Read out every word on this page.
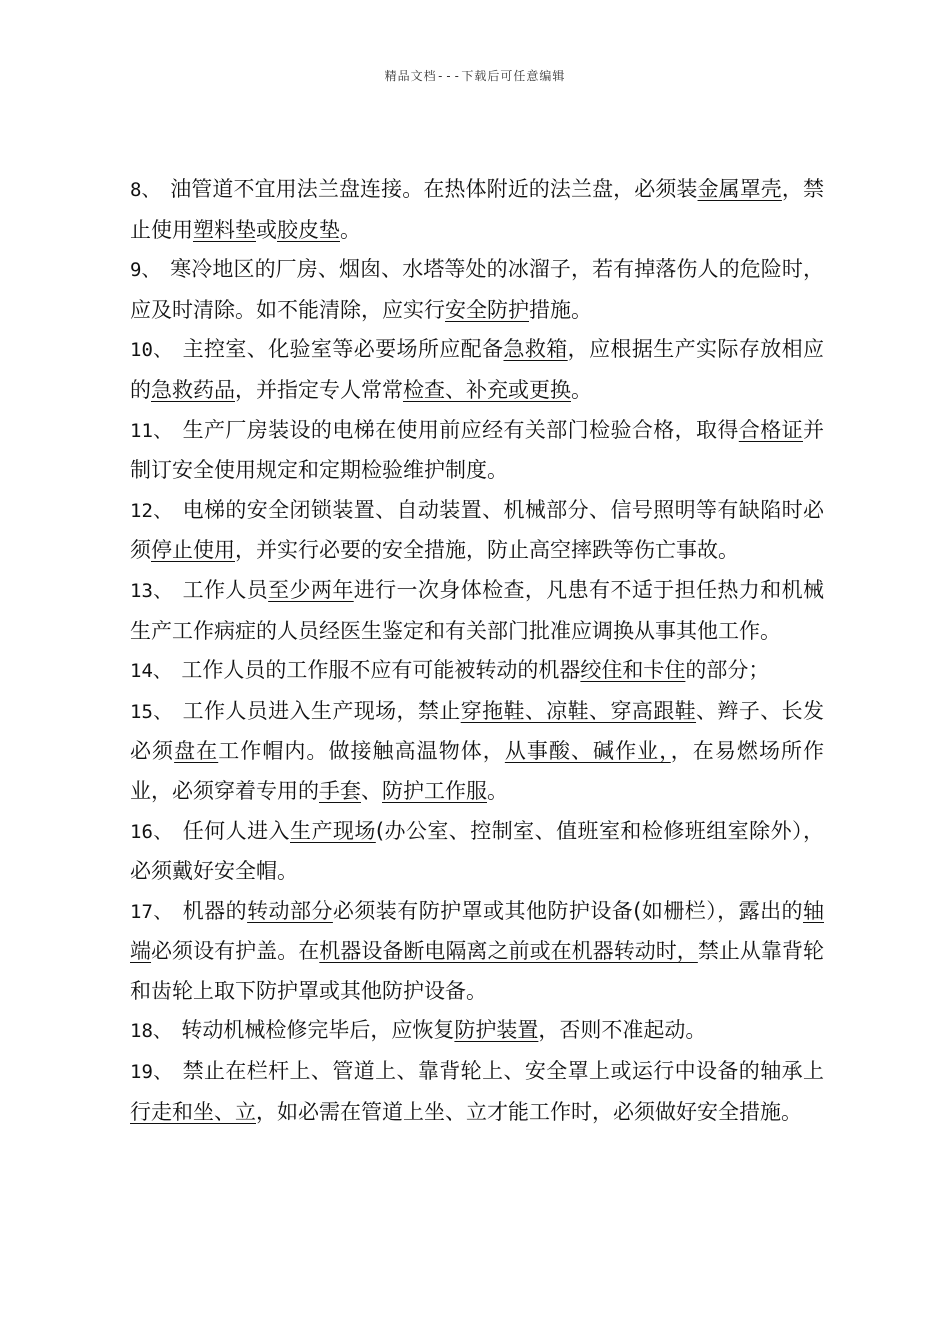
精品文档---下载后可任意编辑
8、　油管道不宜用法兰盘连接。在热体附近的法兰盘，必须装金属罩壳，禁止使用塑料垫或胶皮垫。
9、　寒冷地区的厂房、烟囱、水塔等处的冰溜子，若有掉落伤人的危险时，应及时清除。如不能清除，应实行安全防护措施。
10、　主控室、化验室等必要场所应配备急救箱，应根据生产实际存放相应的急救药品，并指定专人常常检查、补充或更换。
11、　生产厂房装设的电梯在使用前应经有关部门检验合格，取得合格证并制订安全使用规定和定期检验维护制度。
12、　电梯的安全闭锁装置、自动装置、机械部分、信号照明等有缺陷时必须停止使用，并实行必要的安全措施，防止高空摔跌等伤亡事故。
13、　工作人员至少两年进行一次身体检查，凡患有不适于担任热力和机械生产工作病症的人员经医生鉴定和有关部门批准应调换从事其他工作。
14、　工作人员的工作服不应有可能被转动的机器绞住和卡住的部分；
15、　工作人员进入生产现场，禁止穿拖鞋、凉鞋、穿高跟鞋、辫子、长发必须盘在工作帽内。做接触高温物体，从事酸、碱作业，，在易燃场所作业，必须穿着专用的手套、防护工作服。
16、　任何人进入生产现场(办公室、控制室、值班室和检修班组室除外），必须戴好安全帽。
17、　机器的转动部分必须装有防护罩或其他防护设备(如栅栏），露出的轴端必须设有护盖。在机器设备断电隔离之前或在机器转动时，禁止从靠背轮和齿轮上取下防护罩或其他防护设备。
18、　转动机械检修完毕后，应恢复防护装置，否则不准起动。
19、　禁止在栏杆上、管道上、靠背轮上、安全罩上或运行中设备的轴承上行走和坐、立，如必需在管道上坐、立才能工作时，必须做好安全措施。
